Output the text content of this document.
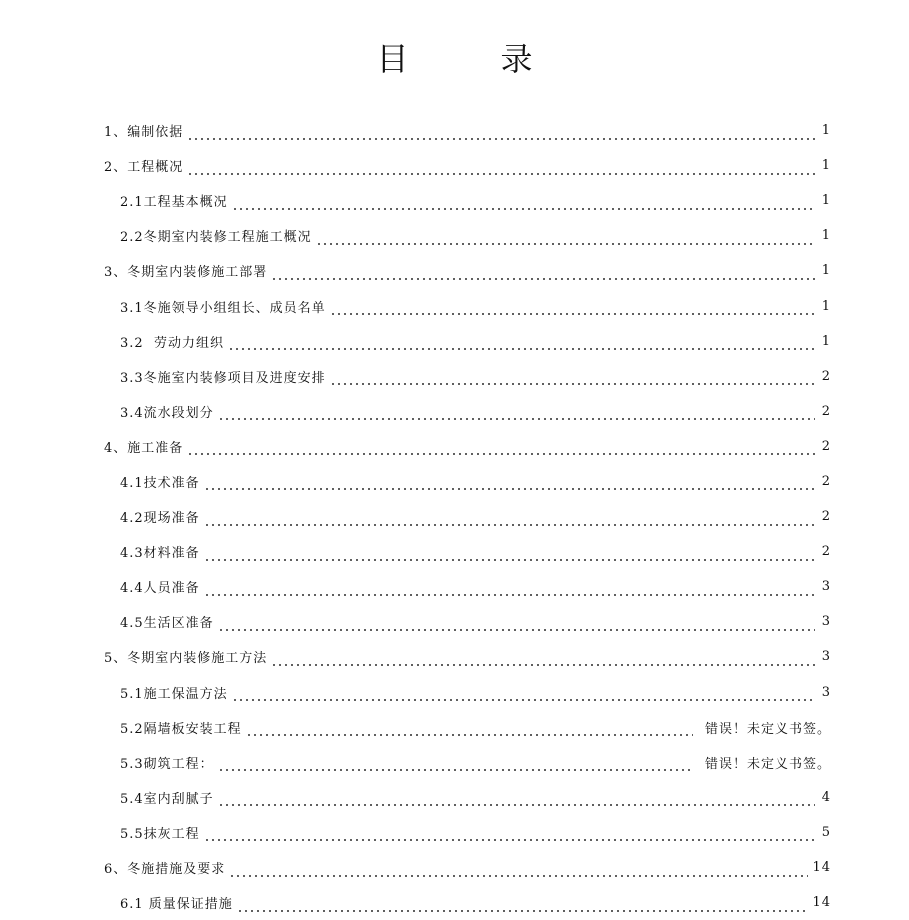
目　录
1、编制依据	1
2、工程概况	1
2.1工程基本概况	1
2.2冬期室内装修工程施工概况	1
3、冬期室内装修施工部署	1
3.1冬施领导小组组长、成员名单	1
3.2  劳动力组织	1
3.3冬施室内装修项目及进度安排	2
3.4流水段划分	2
4、施工准备	2
4.1技术准备	2
4.2现场准备	2
4.3材料准备	2
4.4人员准备	3
4.5生活区准备	3
5、冬期室内装修施工方法	3
5.1施工保温方法	3
5.2隔墙板安装工程	错误！未定义书签。
5.3砌筑工程：	错误！未定义书签。
5.4室内刮腻子	4
5.5抹灰工程	5
6、冬施措施及要求	14
6.1 质量保证措施	14
